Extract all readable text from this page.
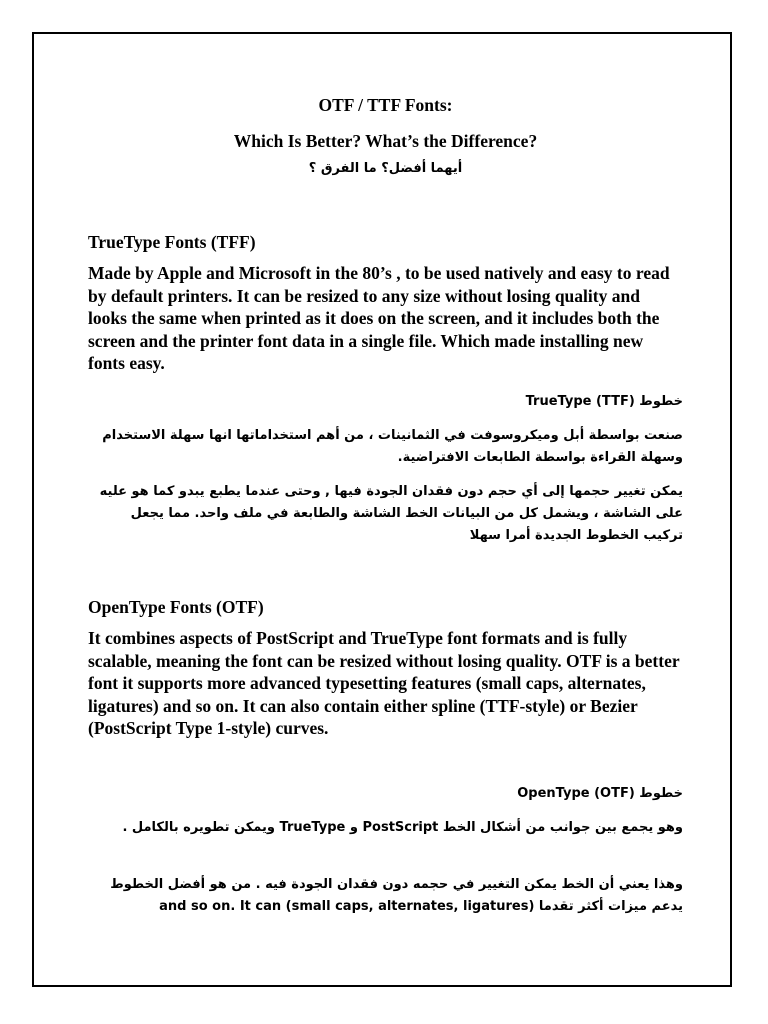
OTF / TTF Fonts:

Which Is Better? What’s the Difference?

أيهما أفضل؟ ما الفرق ؟

TrueType Fonts (TFF)

Made by Apple and Microsoft in the 80’s , to be used natively and easy to read by default printers. It can be resized to any size without losing quality and looks the same when printed as it does on the screen, and it includes both the screen and the printer font data in a single file. Which made installing new fonts easy.

خطوط (TrueType (TTF

صنعت بواسطة أبل وميكروسوفت في الثمانينات ، من أهم استخداماتها انها سهلة الاستخدام وسهلة القراءة بواسطة الطابعات الافتراضية.

يمكن تغيير حجمها إلى أي حجم دون فقدان الجودة فيها , وحتى عندما يطبع يبدو كما هو عليه على الشاشة ، ويشمل كل من البيانات الخط الشاشة والطابعة في ملف واحد. مما يجعل تركيب الخطوط الجديدة أمرا سهلا

OpenType Fonts (OTF)

It combines aspects of PostScript and TrueType font formats and is fully scalable, meaning the font can be resized without losing quality. OTF is a better font it supports more advanced typesetting features (small caps, alternates, ligatures) and so on. It can also contain either spline (TTF-style) or Bezier (PostScript Type 1-style) curves.

خطوط (OpenType (OTF

وهو يجمع بين جوانب من أشكال الخط PostScript و TrueType ويمكن تطويره بالكامل .

وهذا يعني أن الخط يمكن التغيير في حجمه دون فقدان الجودة فيه . من هو أفضل الخطوط يدعم ميزات أكثر تقدما (small caps, alternates, ligatures) and so on. It can
